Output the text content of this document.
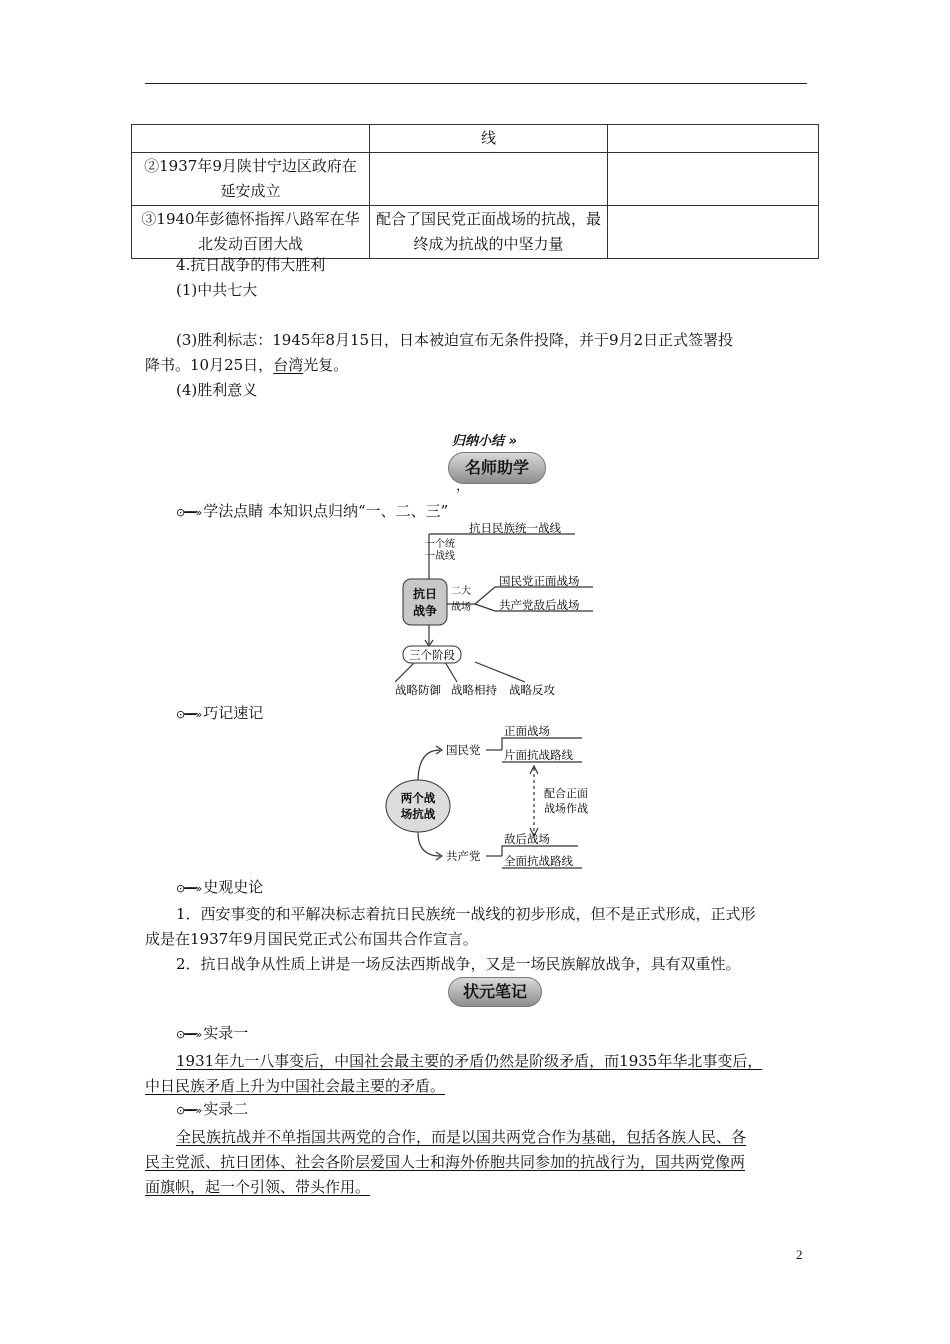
	线	
②1937年9月陕甘宁边区政府在延安成立		
③1940年彭德怀指挥八路军在华北发动百团大战	配合了国民党正面战场的抗战，最终成为抗战的中坚力量	
4.抗日战争的伟大胜利
(1)中共七大
(3)胜利标志：1945年8月15日，日本被迫宣布无条件投降，并于9月2日正式签署投
降书。10月25日，台湾光复。
(4)胜利意义
归纳小结 »
名师助学
，
⊙━━» 学法点睛 本知识点归纳“一、二、三”
抗日
战争
一个统
一战线
抗日民族统一战线
二大
战场
国民党正面战场
共产党敌后战场
三个阶段
战略防御 战略相持 战略反攻
⊙━━» 巧记速记
两个战
场抗战
国民党
正面战场
片面抗战路线
配合正面
战场作战
共产党
敌后战场
全面抗战路线
⊙━━» 史观史论
1．西安事变的和平解决标志着抗日民族统一战线的初步形成，但不是正式形成，正式形
成是在1937年9月国民党正式公布国共合作宣言。
2．抗日战争从性质上讲是一场反法西斯战争，又是一场民族解放战争，具有双重性。
状元笔记
⊙━━» 实录一
1931年九一八事变后，中国社会最主要的矛盾仍然是阶级矛盾，而1935年华北事变后，
中日民族矛盾上升为中国社会最主要的矛盾。
⊙━━» 实录二
全民族抗战并不单指国共两党的合作，而是以国共两党合作为基础，包括各族人民、各
民主党派、抗日团体、社会各阶层爱国人士和海外侨胞共同参加的抗战行为，国共两党像两
面旗帜，起一个引领、带头作用。
2
